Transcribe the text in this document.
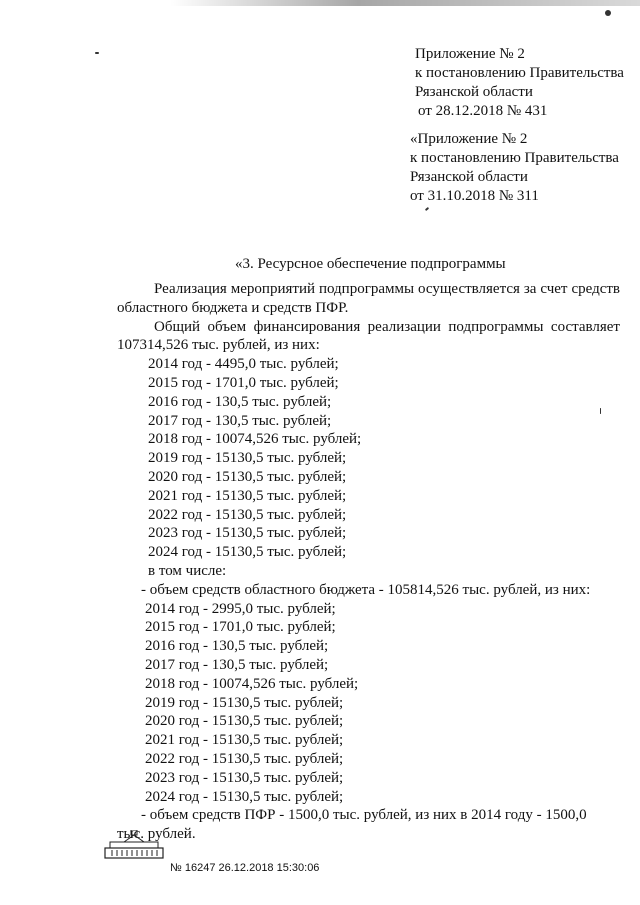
Приложение № 2
к постановлению Правительства
Рязанской области
от 28.12.2018 № 431
«Приложение № 2
к постановлению Правительства
Рязанской области
от 31.10.2018 № 311
«3. Ресурсное обеспечение подпрограммы

Реализация мероприятий подпрограммы осуществляется за счет средств областного бюджета и средств ПФР.

Общий объем финансирования реализации подпрограммы составляет 107314,526 тыс. рублей, из них:

2014 год - 4495,0 тыс. рублей;
2015 год - 1701,0 тыс. рублей;
2016 год - 130,5 тыс. рублей;
2017 год - 130,5 тыс. рублей;
2018 год - 10074,526 тыс. рублей;
2019 год - 15130,5 тыс. рублей;
2020 год - 15130,5 тыс. рублей;
2021 год - 15130,5 тыс. рублей;
2022 год - 15130,5 тыс. рублей;
2023 год - 15130,5 тыс. рублей;
2024 год - 15130,5 тыс. рублей;
в том числе:
- объем средств областного бюджета - 105814,526 тыс. рублей, из них:
2014 год - 2995,0 тыс. рублей;
2015 год - 1701,0 тыс. рублей;
2016 год - 130,5 тыс. рублей;
2017 год - 130,5 тыс. рублей;
2018 год - 10074,526 тыс. рублей;
2019 год - 15130,5 тыс. рублей;
2020 год - 15130,5 тыс. рублей;
2021 год - 15130,5 тыс. рублей;
2022 год - 15130,5 тыс. рублей;
2023 год - 15130,5 тыс. рублей;
2024 год - 15130,5 тыс. рублей;
- объем средств ПФР - 1500,0 тыс. рублей, из них в 2014 году - 1500,0
тыс. рублей.
№ 16247 26.12.2018 15:30:06
